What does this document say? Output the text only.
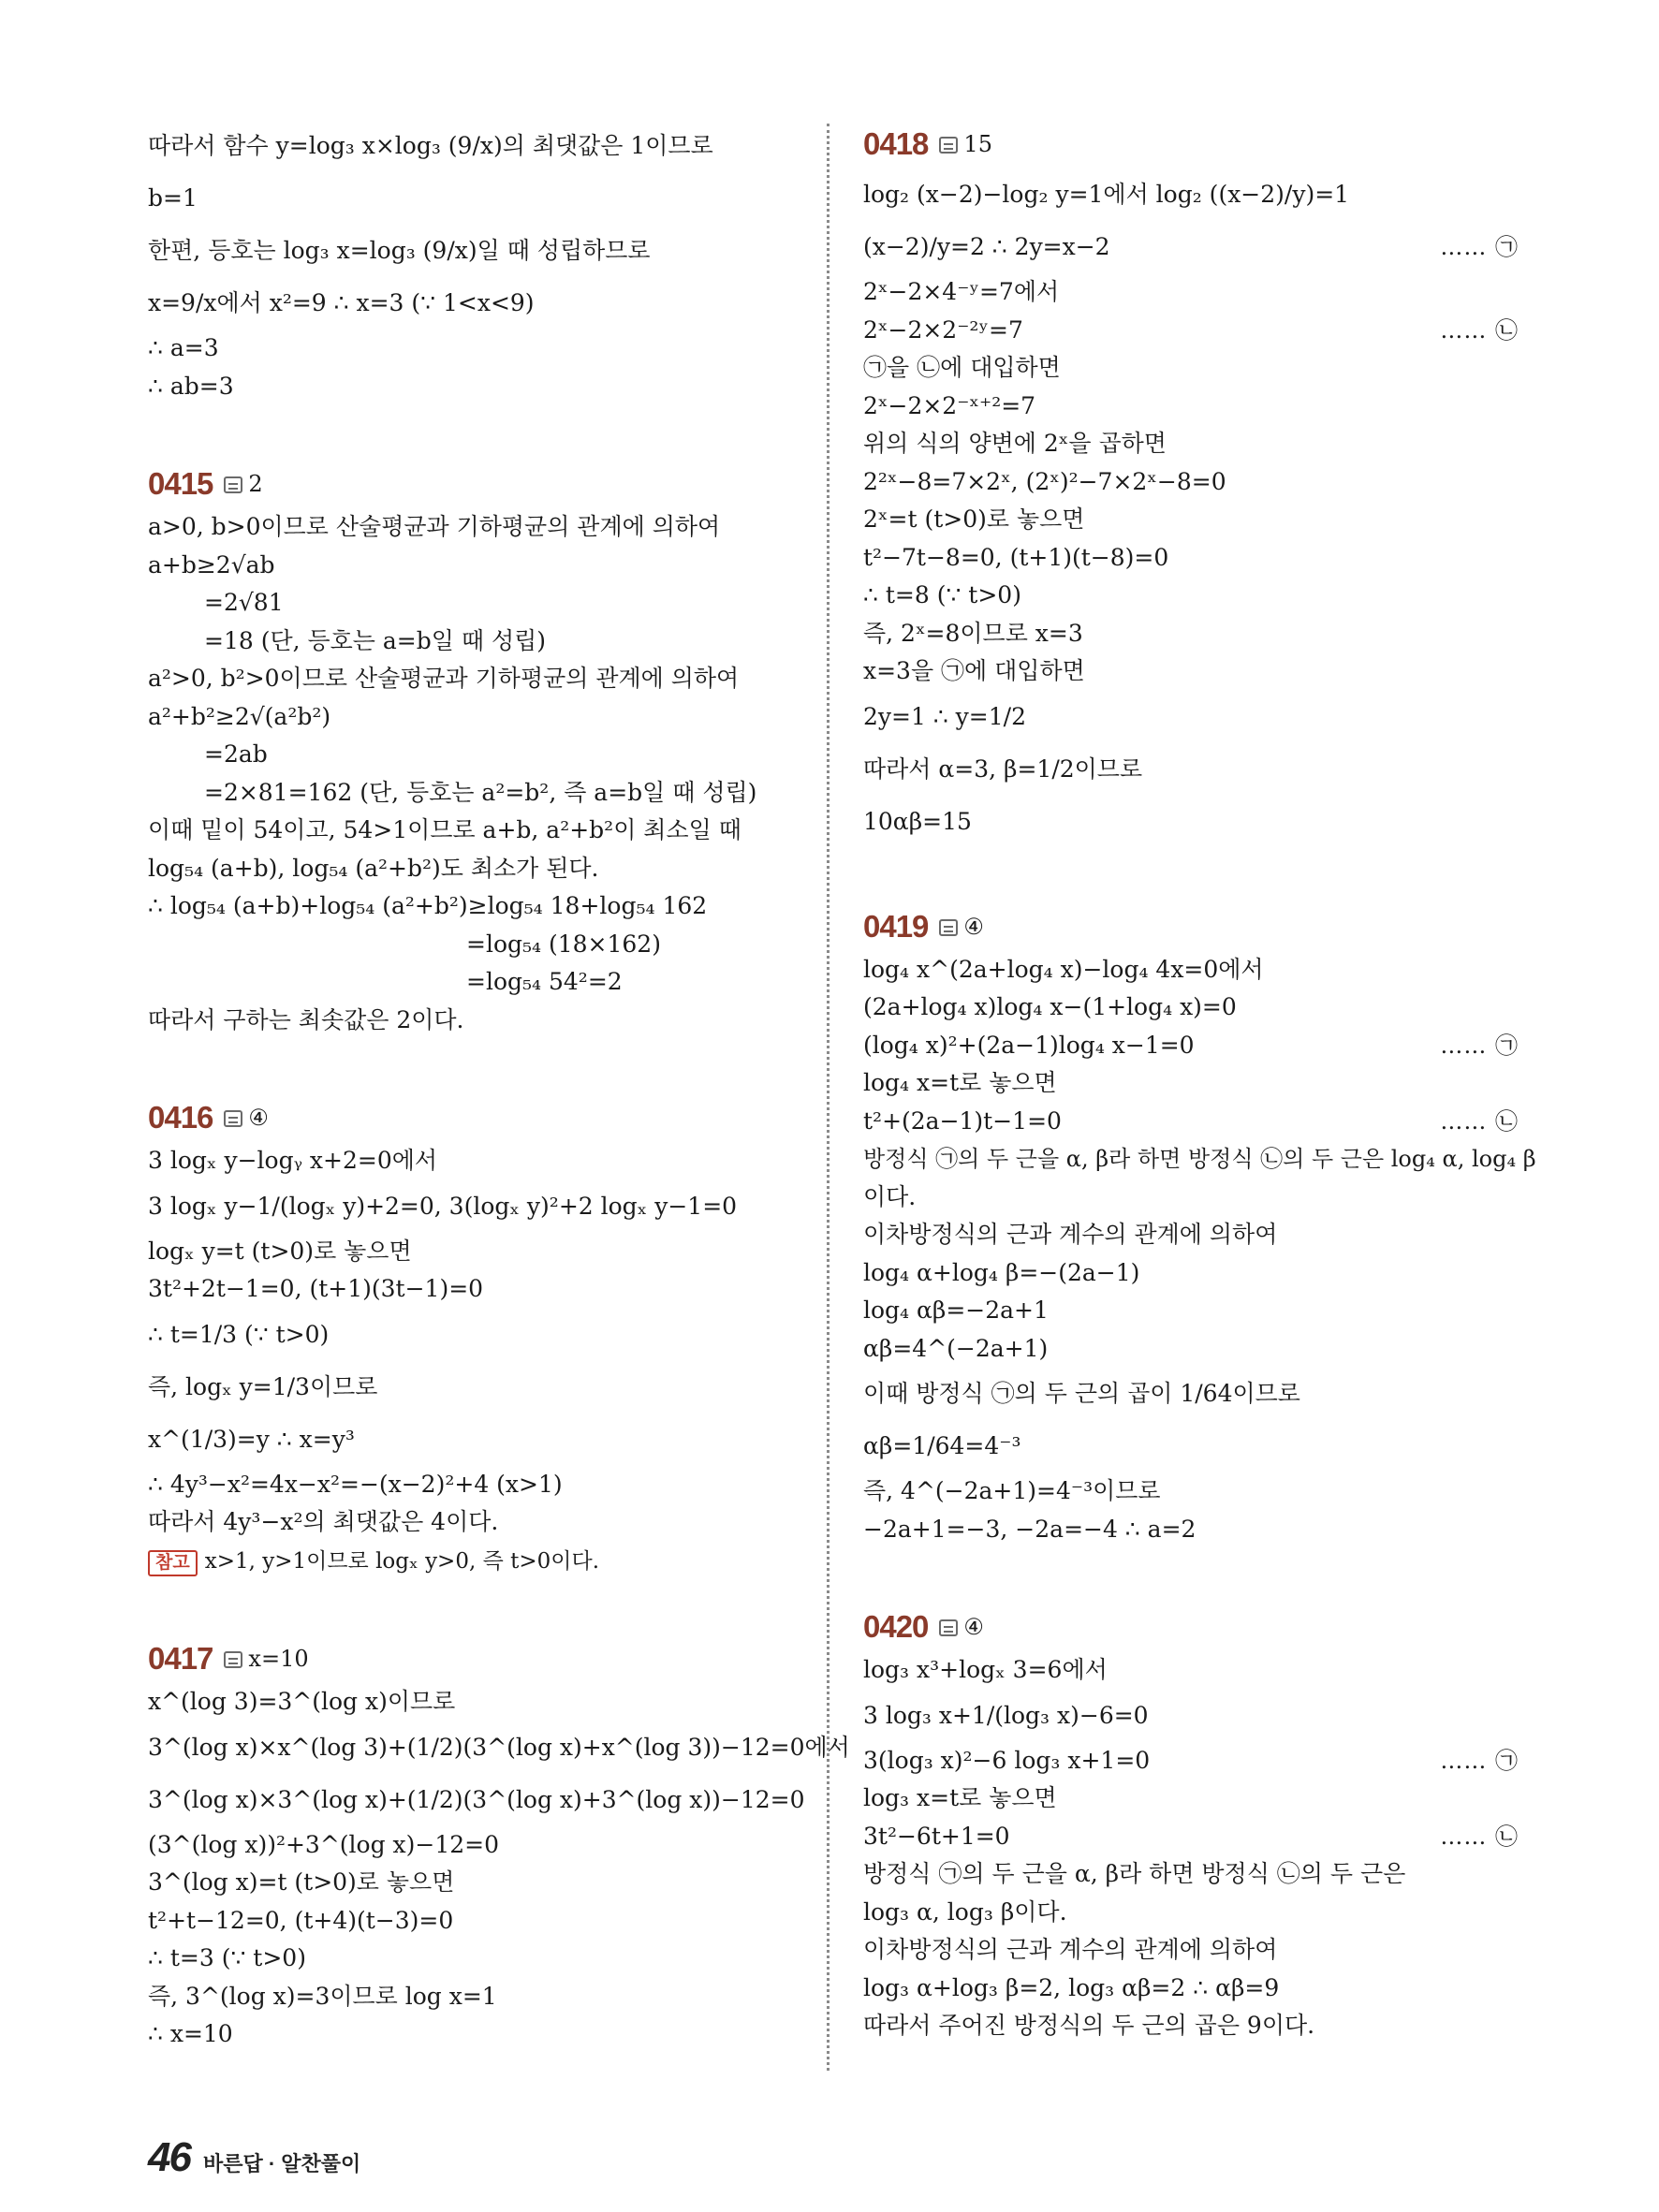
따라서 함수 y=log₃ x×log₃ (9/x)의 최댓값은 1이므로

b=1

한편, 등호는 log₃ x=log₃ (9/x)일 때 성립하므로

x=9/x에서 x²=9 ∴ x=3 (∵ 1<x<9)

∴ a=3

∴ ab=3

0415 2

a>0, b>0이므로 산술평균과 기하평균의 관계에 의하여

a+b≥2√ab

=2√81

=18 (단, 등호는 a=b일 때 성립)

a²>0, b²>0이므로 산술평균과 기하평균의 관계에 의하여

a²+b²≥2√(a²b²)

=2ab

=2×81=162 (단, 등호는 a²=b², 즉 a=b일 때 성립)

이때 밑이 54이고, 54>1이므로 a+b, a²+b²이 최소일 때

log₅₄ (a+b), log₅₄ (a²+b²)도 최소가 된다.

∴ log₅₄ (a+b)+log₅₄ (a²+b²)≥log₅₄ 18+log₅₄ 162

=log₅₄ (18×162)

=log₅₄ 54²=2

따라서 구하는 최솟값은 2이다.

0416 ④

3 logₓ y−logᵧ x+2=0에서

3 logₓ y−1/(logₓ y)+2=0, 3(logₓ y)²+2 logₓ y−1=0

logₓ y=t (t>0)로 놓으면

3t²+2t−1=0, (t+1)(3t−1)=0

∴ t=1/3 (∵ t>0)

즉, logₓ y=1/3이므로

x^(1/3)=y ∴ x=y³

∴ 4y³−x²=4x−x²=−(x−2)²+4 (x>1)

따라서 4y³−x²의 최댓값은 4이다.

참고 x>1, y>1이므로 logₓ y>0, 즉 t>0이다.

0417 x=10

x^(log 3)=3^(log x)이므로

3^(log x)×x^(log 3)+(1/2)(3^(log x)+x^(log 3))−12=0에서

3^(log x)×3^(log x)+(1/2)(3^(log x)+3^(log x))−12=0

(3^(log x))²+3^(log x)−12=0

3^(log x)=t (t>0)로 놓으면

t²+t−12=0, (t+4)(t−3)=0

∴ t=3 (∵ t>0)

즉, 3^(log x)=3이므로 log x=1

∴ x=10

0418 15

log₂ (x−2)−log₂ y=1에서 log₂ ((x−2)/y)=1

(x−2)/y=2 ∴ 2y=x−2	…… ㉠

2ˣ−2×4⁻ʸ=7에서

2ˣ−2×2⁻²ʸ=7	…… ㉡

㉠을 ㉡에 대입하면

2ˣ−2×2⁻ˣ⁺²=7

위의 식의 양변에 2ˣ을 곱하면

2²ˣ−8=7×2ˣ, (2ˣ)²−7×2ˣ−8=0

2ˣ=t (t>0)로 놓으면

t²−7t−8=0, (t+1)(t−8)=0

∴ t=8 (∵ t>0)

즉, 2ˣ=8이므로 x=3

x=3을 ㉠에 대입하면

2y=1 ∴ y=1/2

따라서 α=3, β=1/2이므로

10αβ=15

0419 ④

log₄ x^(2a+log₄ x)−log₄ 4x=0에서

(2a+log₄ x)log₄ x−(1+log₄ x)=0

(log₄ x)²+(2a−1)log₄ x−1=0	…… ㉠

log₄ x=t로 놓으면

t²+(2a−1)t−1=0	…… ㉡

방정식 ㉠의 두 근을 α, β라 하면 방정식 ㉡의 두 근은 log₄ α, log₄ β

이다.

이차방정식의 근과 계수의 관계에 의하여

log₄ α+log₄ β=−(2a−1)

log₄ αβ=−2a+1

αβ=4^(−2a+1)

이때 방정식 ㉠의 두 근의 곱이 1/64이므로

αβ=1/64=4⁻³

즉, 4^(−2a+1)=4⁻³이므로

−2a+1=−3, −2a=−4 ∴ a=2

0420 ④

log₃ x³+logₓ 3=6에서

3 log₃ x+1/(log₃ x)−6=0

3(log₃ x)²−6 log₃ x+1=0	…… ㉠

log₃ x=t로 놓으면

3t²−6t+1=0	…… ㉡

방정식 ㉠의 두 근을 α, β라 하면 방정식 ㉡의 두 근은

log₃ α, log₃ β이다.

이차방정식의 근과 계수의 관계에 의하여

log₃ α+log₃ β=2, log₃ αβ=2 ∴ αβ=9

따라서 주어진 방정식의 두 근의 곱은 9이다.

46 바른답 · 알찬풀이
